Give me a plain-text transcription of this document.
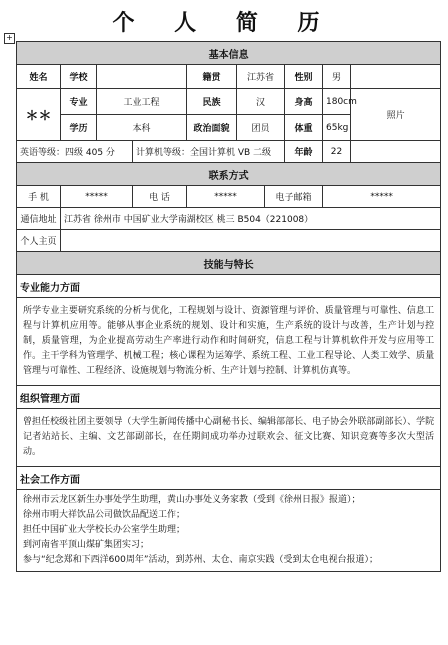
个 人 简 历
+
基本信息									
姓名	学校			籍贯	江苏省		性别	男	
＊＊	专业	工业工程		民族	汉		身高	180cm	照片
	学历	本科		政治面貌	团员		体重	65kg	
英语等级：四级 405 分			计算机等级：全国计算机 VB 二级				年龄	22	
联系方式									
手 机	*****		电 话	*****		电子邮箱		*****	
通信地址	江苏省 徐州市 中国矿业大学南湖校区 桃三 B504（221008）								
个人主页									
技能与特长									
专业能力方面									
所学专业主要研究系统的分析与优化，工程规划与设计、资源管理与评价、质量管理与可靠性、信息工程与计算机应用等。能够从事企业系统的规划、设计和实施，生产系统的设计与改善，生产计划与控制，质量管理，为企业提高劳动生产率进行动作和时间研究，信息工程与计算机软件开发与应用等工作。主干学科为管理学、机械工程；核心课程为运筹学、系统工程、工业工程导论、人类工效学、质量管理与可靠性、工程经济、设施规划与物流分析、生产计划与控制、计算机仿真等。									
组织管理方面									
曾担任校级社团主要领导（大学生新闻传播中心副秘书长、编辑部部长、电子协会外联部副部长）、学院记者站站长、主编、文艺部副部长，在任期间成功举办过联欢会、征文比赛、知识竞赛等多次大型活动。									
社会工作方面									

徐州市云龙区新生办事处学生助理，黄山办事处义务家教（受到《徐州日报》报道）；
徐州市明大祥饮品公司做饮品配送工作；
担任中国矿业大学校长办公室学生助理；
到河南省平顶山煤矿集团实习；
参与“纪念郑和下西洋600周年”活动，到苏州、太仓、南京实践（受到太仓电视台报道）；									
